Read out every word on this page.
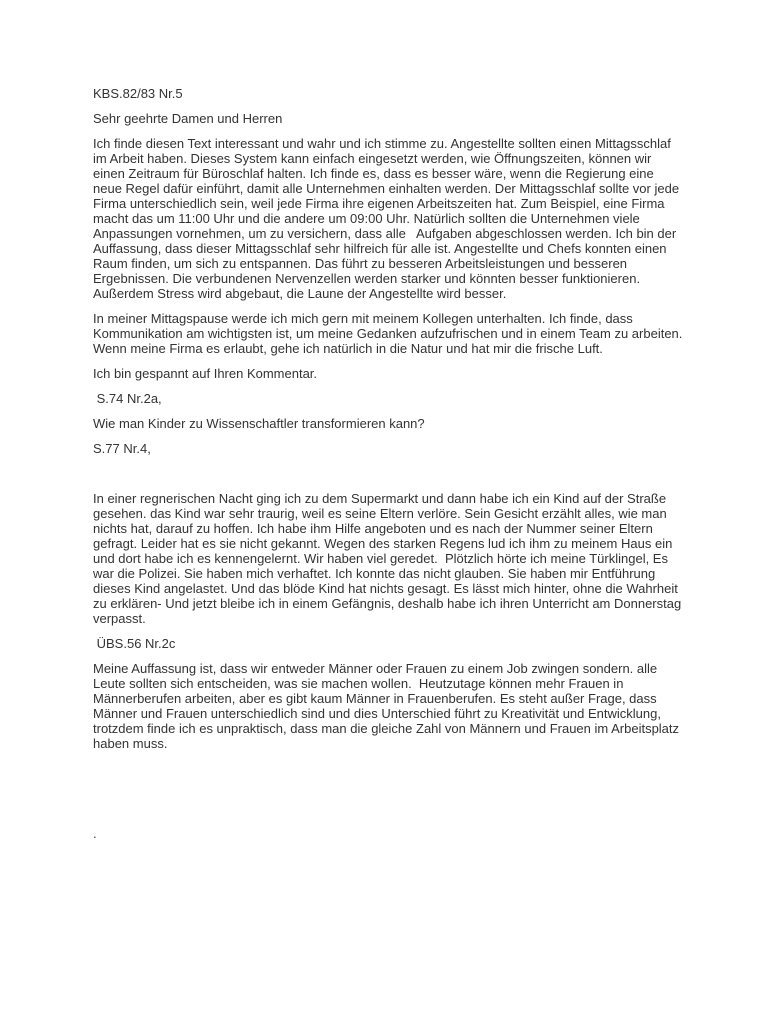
KBS.82/83 Nr.5

Sehr geehrte Damen und Herren

Ich finde diesen Text interessant und wahr und ich stimme zu. Angestellte sollten einen Mittagsschlaf im Arbeit haben. Dieses System kann einfach eingesetzt werden, wie Öffnungszeiten, können wir einen Zeitraum für Büroschlaf halten. Ich finde es, dass es besser wäre, wenn die Regierung eine neue Regel dafür einführt, damit alle Unternehmen einhalten werden. Der Mittagsschlaf sollte vor jede Firma unterschiedlich sein, weil jede Firma ihre eigenen Arbeitszeiten hat. Zum Beispiel, eine Firma macht das um 11:00 Uhr und die andere um 09:00 Uhr. Natürlich sollten die Unternehmen viele Anpassungen vornehmen, um zu versichern, dass alle   Aufgaben abgeschlossen werden. Ich bin der Auffassung, dass dieser Mittagsschlaf sehr hilfreich für alle ist. Angestellte und Chefs konnten einen Raum finden, um sich zu entspannen. Das führt zu besseren Arbeitsleistungen und besseren Ergebnissen. Die verbundenen Nervenzellen werden starker und könnten besser funktionieren. Außerdem Stress wird abgebaut, die Laune der Angestellte wird besser.

In meiner Mittagspause werde ich mich gern mit meinem Kollegen unterhalten. Ich finde, dass Kommunikation am wichtigsten ist, um meine Gedanken aufzufrischen und in einem Team zu arbeiten. Wenn meine Firma es erlaubt, gehe ich natürlich in die Natur und hat mir die frische Luft.

Ich bin gespannt auf Ihren Kommentar.

S.74 Nr.2a,

Wie man Kinder zu Wissenschaftler transformieren kann?

S.77 Nr.4,

In einer regnerischen Nacht ging ich zu dem Supermarkt und dann habe ich ein Kind auf der Straße gesehen. das Kind war sehr traurig, weil es seine Eltern verlöre. Sein Gesicht erzählt alles, wie man nichts hat, darauf zu hoffen. Ich habe ihm Hilfe angeboten und es nach der Nummer seiner Eltern gefragt. Leider hat es sie nicht gekannt. Wegen des starken Regens lud ich ihm zu meinem Haus ein und dort habe ich es kennengelernt. Wir haben viel geredet.  Plötzlich hörte ich meine Türklingel, Es war die Polizei. Sie haben mich verhaftet. Ich konnte das nicht glauben. Sie haben mir Entführung dieses Kind angelastet. Und das blöde Kind hat nichts gesagt. Es lässt mich hinter, ohne die Wahrheit zu erklären- Und jetzt bleibe ich in einem Gefängnis, deshalb habe ich ihren Unterricht am Donnerstag verpasst.

ÜBS.56 Nr.2c

Meine Auffassung ist, dass wir entweder Männer oder Frauen zu einem Job zwingen sondern. alle Leute sollten sich entscheiden, was sie machen wollen.  Heutzutage können mehr Frauen in Männerberufen arbeiten, aber es gibt kaum Männer in Frauenberufen. Es steht außer Frage, dass Männer und Frauen unterschiedlich sind und dies Unterschied führt zu Kreativität und Entwicklung, trotzdem finde ich es unpraktisch, dass man die gleiche Zahl von Männern und Frauen im Arbeitsplatz haben muss.

.
